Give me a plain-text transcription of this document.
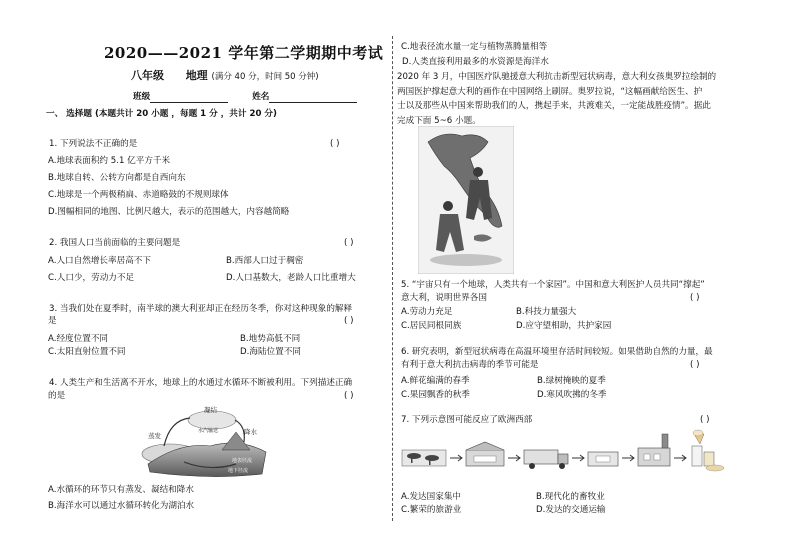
2020——2021 学年第二学期期中考试
八年级 地理 (满分 40 分，时间 50 分钟)
班级	姓名
一、 选择题 (本题共计 20 小题 ，每题 1 分 ，共计 20 分)
1. 下列说法不正确的是	( )
A.地球表面积约 5.1 亿平方千米
B.地球自转、公转方向都是自西向东
C.地球是一个两极稍扁、赤道略鼓的不规则球体
D.图幅相同的地图、比例尺越大，表示的范围越大，内容越简略
2. 我国人口当前面临的主要问题是	( )
A.人口自然增长率居高不下	B.西部人口过于稠密
C.人口少，劳动力不足	D.人口基数大，老龄人口比重增大
3. 当我们处在夏季时，南半球的澳大利亚却正在经历冬季，你对这种现象的解释
是	( )
A.经度位置不同	B.地势高低不同
C.太阳直射位置不同	D.海陆位置不同
4. 人类生产和生活离不开水，地球上的水通过水循环不断被利用。下列描述正确
的是	( )
凝结
蒸发	降水
水汽输送
地表径流
地下径流
A.水循环的环节只有蒸发、凝结和降水
B.海洋水可以通过水循环转化为湖泊水
C.地表径流水量一定与植物蒸腾量相等
D.人类直接利用最多的水资源是海洋水
2020 年 3 月，中国医疗队驰援意大利抗击新型冠状病毒，意大利女孩奥罗拉绘制的
两国医护撑起意大利的画作在中国网络上刷屏。奥罗拉说，“这幅画献给医生、护
士以及那些从中国来帮助我们的人，携起手来，共渡难关，一定能战胜疫情”。据此
完成下面 5~6 小题。
5. “宇宙只有一个地球，人类共有一个家园”。中国和意大利医护人员共同“撑起”
意大利，说明世界各国	( )
A.劳动力充足	B.科技力量强大
C.居民同根同族	D.应守望相助，共护家园
6. 研究表明，新型冠状病毒在高温环境里存活时间较短。如果借助自然的力量，最
有利于意大利抗击病毒的季节可能是	( )
A.鲜花编满的春季	B.绿树掩映的夏季
C.果园飘香的秋季	D.寒风吹拂的冬季
7. 下列示意图可能反应了欧洲西部	( )
A.发达国家集中	B.现代化的畜牧业
C.繁荣的旅游业	D.发达的交通运输
